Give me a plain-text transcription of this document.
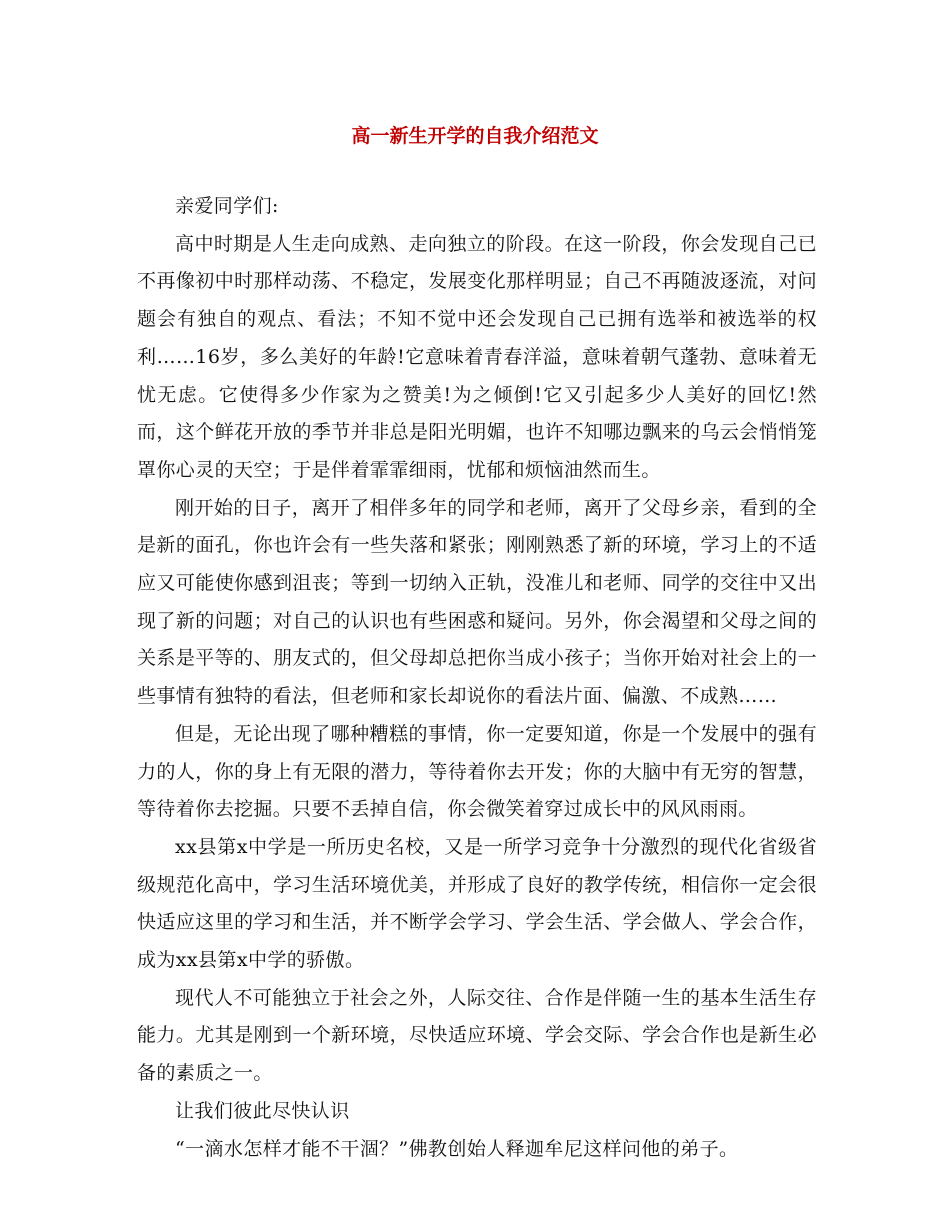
高一新生开学的自我介绍范文

亲爱同学们:

高中时期是人生走向成熟、走向独立的阶段。在这一阶段，你会发现自己已不再像初中时那样动荡、不稳定，发展变化那样明显；自己不再随波逐流，对问题会有独自的观点、看法；不知不觉中还会发现自己已拥有选举和被选举的权利……16岁，多么美好的年龄!它意味着青春洋溢，意味着朝气蓬勃、意味着无忧无虑。它使得多少作家为之赞美!为之倾倒!它又引起多少人美好的回忆!然而，这个鲜花开放的季节并非总是阳光明媚，也许不知哪边飘来的乌云会悄悄笼罩你心灵的天空；于是伴着霏霏细雨，忧郁和烦恼油然而生。

刚开始的日子，离开了相伴多年的同学和老师，离开了父母乡亲，看到的全是新的面孔，你也许会有一些失落和紧张；刚刚熟悉了新的环境，学习上的不适应又可能使你感到沮丧；等到一切纳入正轨，没准儿和老师、同学的交往中又出现了新的问题；对自己的认识也有些困惑和疑问。另外，你会渴望和父母之间的关系是平等的、朋友式的，但父母却总把你当成小孩子；当你开始对社会上的一些事情有独特的看法，但老师和家长却说你的看法片面、偏激、不成熟……

但是，无论出现了哪种糟糕的事情，你一定要知道，你是一个发展中的强有力的人，你的身上有无限的潜力，等待着你去开发；你的大脑中有无穷的智慧，等待着你去挖掘。只要不丢掉自信，你会微笑着穿过成长中的风风雨雨。

xx县第x中学是一所历史名校，又是一所学习竞争十分激烈的现代化省级省级规范化高中，学习生活环境优美，并形成了良好的教学传统，相信你一定会很快适应这里的学习和生活，并不断学会学习、学会生活、学会做人、学会合作，成为xx县第x中学的骄傲。

现代人不可能独立于社会之外，人际交往、合作是伴随一生的基本生活生存能力。尤其是刚到一个新环境，尽快适应环境、学会交际、学会合作也是新生必备的素质之一。

让我们彼此尽快认识

“一滴水怎样才能不干涸？”佛教创始人释迦牟尼这样问他的弟子。
